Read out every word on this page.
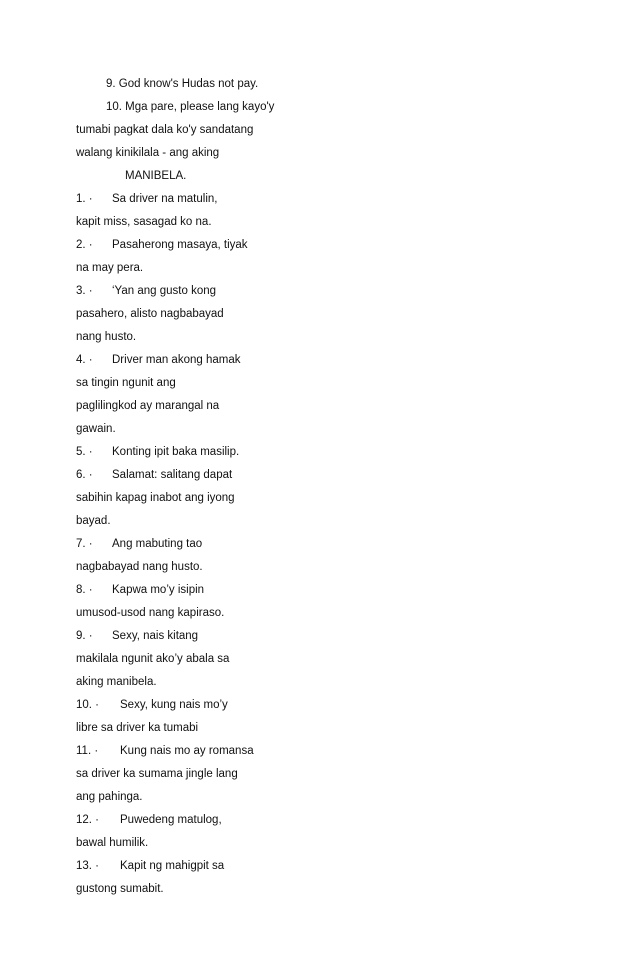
9. God know's Hudas not pay.
10. Mga pare, please lang kayo'y
tumabi pagkat dala ko'y sandatang
walang kinikilala - ang aking
MANIBELA.
1. · Sa driver na matulin,
kapit miss, sasagad ko na.
2. · Pasaherong masaya, tiyak
na may pera.
3. · ‘Yan ang gusto kong
pasahero, alisto nagbabayad
nang husto.
4. · Driver man akong hamak
sa tingin ngunit ang
paglilingkod ay marangal na
gawain.
5. · Konting ipit baka masilip.
6. · Salamat: salitang dapat
sabihin kapag inabot ang iyong
bayad.
7. · Ang mabuting tao
nagbabayad nang husto.
8. · Kapwa mo’y isipin
umusod-usod nang kapiraso.
9. · Sexy, nais kitang
makilala ngunit ako’y abala sa
aking manibela.
10. · Sexy, kung nais mo’y
libre sa driver ka tumabi
11. · Kung nais mo ay romansa
sa driver ka sumama jingle lang
ang pahinga.
12. · Puwedeng matulog,
bawal humilik.
13. · Kapit ng mahigpit sa
gustong sumabit.
